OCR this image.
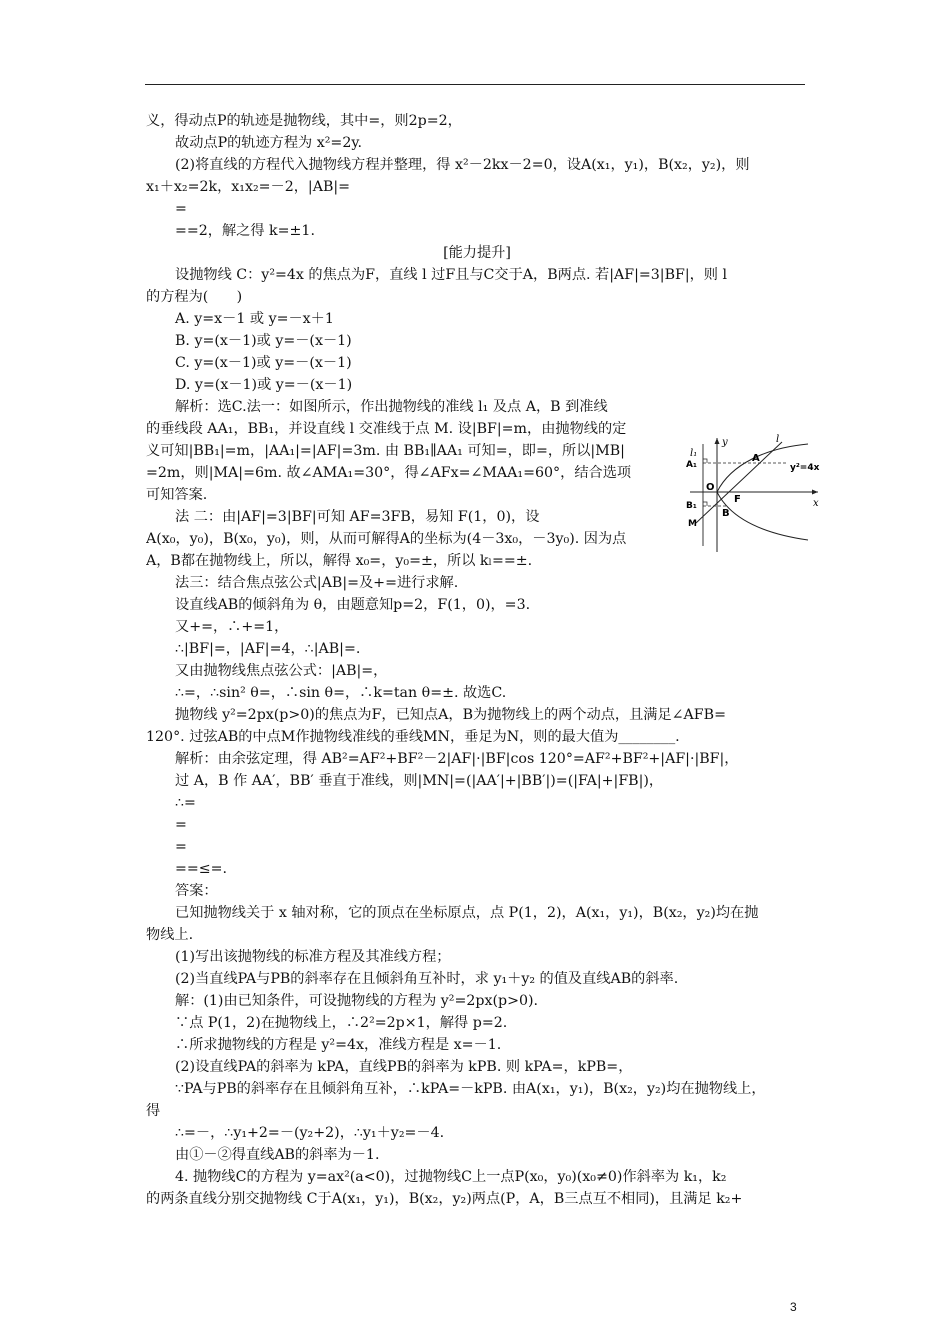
义，得动点P的轨迹是抛物线，其中=，则2p=2，
故动点P的轨迹方程为 x²=2y.
(2)将直线的方程代入抛物线方程并整理，得 x²－2kx－2=0，设A(x₁，y₁)，B(x₂，y₂)，则
x₁＋x₂=2k，x₁x₂=－2，|AB|=
=
==2，解之得 k=±1.
[能力提升]
设抛物线 C：y²=4x 的焦点为F，直线 l 过F且与C交于A，B两点. 若|AF|=3|BF|，则 l
的方程为(　　)
A. y=x－1 或 y=－x＋1
B. y=(x－1)或 y=－(x－1)
C. y=(x－1)或 y=－(x－1)
D. y=(x－1)或 y=－(x－1)
解析：选C.法一：如图所示，作出抛物线的准线 l₁ 及点 A，B 到准线
的垂线段 AA₁，BB₁，并设直线 l 交准线于点 M. 设|BF|=m，由抛物线的定
义可知|BB₁|=m，|AA₁|=|AF|=3m. 由 BB₁∥AA₁ 可知=，即=，所以|MB|
=2m，则|MA|=6m. 故∠AMA₁=30°，得∠AFx=∠MAA₁=60°，结合选项
可知答案.
法 二：由|AF|=3|BF|可知 AF=3FB，易知 F(1，0)，设
A(x₀，y₀)，B(x₀，y₀)，则，从而可解得A的坐标为(4－3x₀，－3y₀). 因为点
A，B都在抛物线上，所以，解得 x₀=，y₀=±，所以 kₗ==±.
法三：结合焦点弦公式|AB|=及+=进行求解.
设直线AB的倾斜角为 θ，由题意知p=2，F(1，0)，=3.
又+=，∴+=1，
∴|BF|=，|AF|=4，∴|AB|=.
又由抛物线焦点弦公式：|AB|=，
∴=，∴sin² θ=，∴sin θ=，∴k=tan θ=±. 故选C.
抛物线 y²=2px(p>0)的焦点为F，已知点A，B为抛物线上的两个动点，且满足∠AFB=
120°. 过弦AB的中点M作抛物线准线的垂线MN，垂足为N，则的最大值为________.
解析：由余弦定理，得 AB²=AF²+BF²－2|AF|·|BF|cos 120°=AF²+BF²+|AF|·|BF|，
过 A，B 作 AA′，BB′ 垂直于准线，则|MN|=(|AA′|+|BB′|)=(|FA|+|FB|)，
∴=
=
=
==≤=.
答案：
已知抛物线关于 x 轴对称，它的顶点在坐标原点，点 P(1，2)，A(x₁，y₁)，B(x₂，y₂)均在抛
物线上.
(1)写出该抛物线的标准方程及其准线方程；
(2)当直线PA与PB的斜率存在且倾斜角互补时，求 y₁＋y₂ 的值及直线AB的斜率.
解：(1)由已知条件，可设抛物线的方程为 y²=2px(p>0).
∵点 P(1，2)在抛物线上，∴2²=2p×1，解得 p=2.
∴所求抛物线的方程是 y²=4x，准线方程是 x=－1.
(2)设直线PA的斜率为 kPA，直线PB的斜率为 kPB. 则 kPA=，kPB=，
∵PA与PB的斜率存在且倾斜角互补，∴kPA=－kPB. 由A(x₁，y₁)，B(x₂，y₂)均在抛物线上，
得
∴=－，∴y₁+2=－(y₂+2)，∴y₁＋y₂=－4.
由①－②得直线AB的斜率为－1.
4. 抛物线C的方程为 y=ax²(a<0)，过抛物线C上一点P(x₀，y₀)(x₀≠0)作斜率为 k₁，k₂
的两条直线分别交抛物线 C于A(x₁，y₁)，B(x₂，y₂)两点(P，A，B三点互不相同)，且满足 k₂+
y
x
l₁
l
A₁
A
y²=4x
O
F
B₁
B
M
3
